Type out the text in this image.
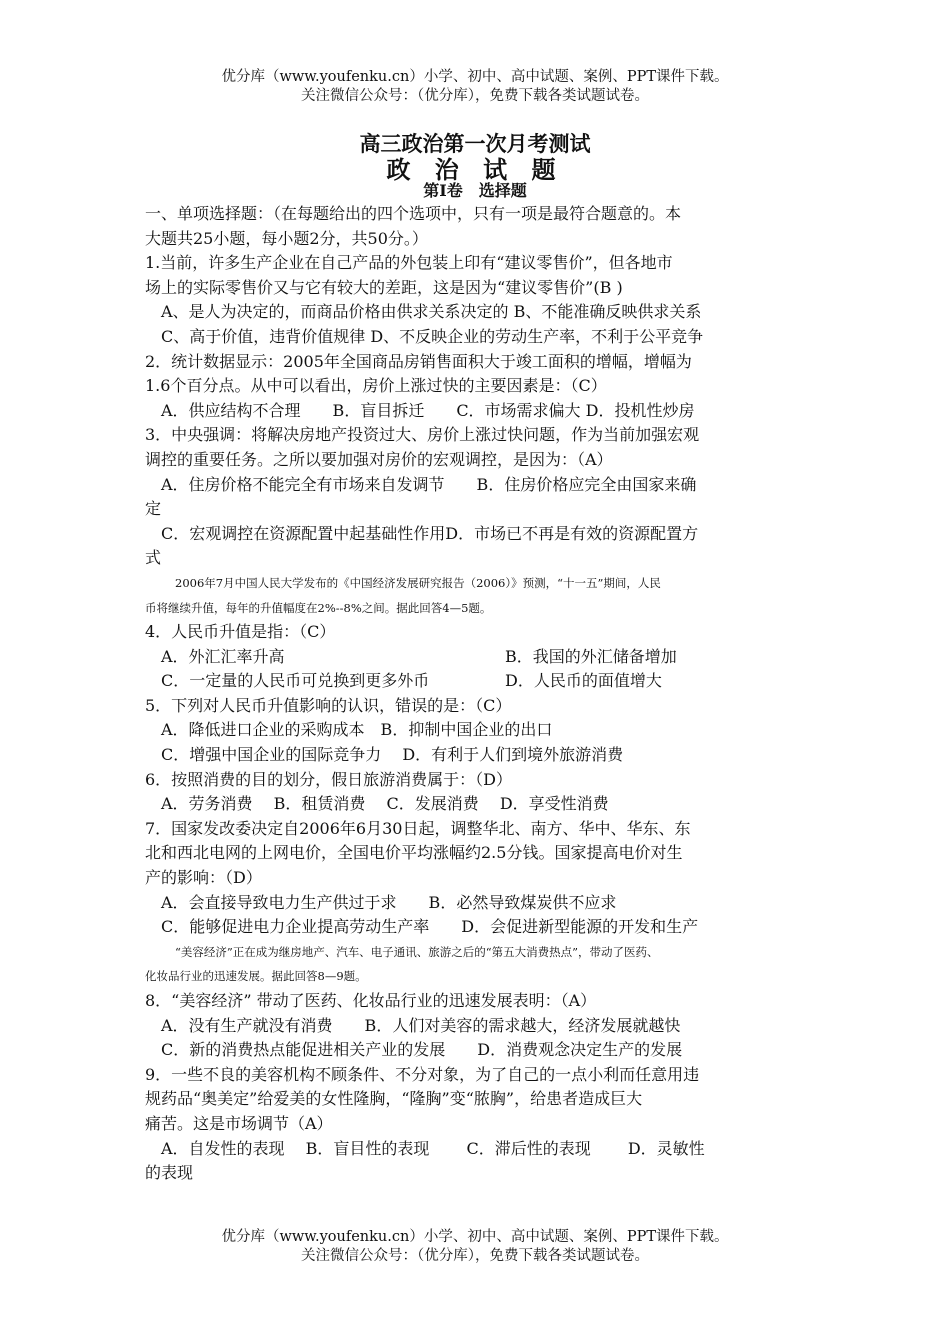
优分库（www.youfenku.cn）小学、初中、高中试题、案例、PPT课件下载。
关注微信公众号：（优分库），免费下载各类试题试卷。
高三政治第一次月考测试
政 治 试 题
第Ⅰ卷　选择题
一、单项选择题：（在每题给出的四个选项中，只有一项是最符合题意的。本
大题共25小题，每小题2分，共50分。）
1.当前，许多生产企业在自己产品的外包装上印有“建议零售价”，但各地市
场上的实际零售价又与它有较大的差距，这是因为“建议零售价”(B )
A、是人为决定的，而商品价格由供求关系决定的 B、不能准确反映供求关系
C、高于价值，违背价值规律 D、不反映企业的劳动生产率，不利于公平竞争
2．统计数据显示：2005年全国商品房销售面积大于竣工面积的增幅，增幅为
1.6个百分点。从中可以看出，房价上涨过快的主要因素是：（C）
A．供应结构不合理　　B．盲目拆迁　　C．市场需求偏大 D．投机性炒房
3．中央强调：将解决房地产投资过大、房价上涨过快问题，作为当前加强宏观
调控的重要任务。之所以要加强对房价的宏观调控，是因为：（A）
A．住房价格不能完全有市场来自发调节　　B．住房价格应完全由国家来确
定
C．宏观调控在资源配置中起基础性作用D．市场已不再是有效的资源配置方
式
2006年7月中国人民大学发布的《中国经济发展研究报告（2006）》预测，“十一五”期间，人民
币将继续升值，每年的升值幅度在2%--8%之间。据此回答4—5题。
4．人民币升值是指：（C）
A．外汇汇率升高	B．我国的外汇储备增加
C．一定量的人民币可兑换到更多外币	D．人民币的面值增大
5．下列对人民币升值影响的认识，错误的是：（C）
A．降低进口企业的采购成本　B．抑制中国企业的出口
C．增强中国企业的国际竞争力　 D．有利于人们到境外旅游消费
6．按照消费的目的划分，假日旅游消费属于：（D）
A．劳务消费　 B．租赁消费　 C．发展消费　 D．享受性消费
7．国家发改委决定自2006年6月30日起，调整华北、南方、华中、华东、东
北和西北电网的上网电价，全国电价平均涨幅约2.5分钱。国家提高电价对生
产的影响：（D）
A．会直接导致电力生产供过于求　　B．必然导致煤炭供不应求
C．能够促进电力企业提高劳动生产率　　D．会促进新型能源的开发和生产
“美容经济”正在成为继房地产、汽车、电子通讯、旅游之后的“第五大消费热点”，带动了医药、
化妆品行业的迅速发展。据此回答8—9题。
8．“美容经济” 带动了医药、化妆品行业的迅速发展表明：（A）
A．没有生产就没有消费　　B．人们对美容的需求越大，经济发展就越快
C．新的消费热点能促进相关产业的发展　　D．消费观念决定生产的发展
9．一些不良的美容机构不顾条件、不分对象，为了自己的一点小利而任意用违
规药品“奥美定”给爱美的女性隆胸，“隆胸”变“脓胸”，给患者造成巨大
痛苦。这是市场调节（A）
A．自发性的表现　 B．盲目性的表现　　 C．滞后性的表现　　 D．灵敏性
的表现
优分库（www.youfenku.cn）小学、初中、高中试题、案例、PPT课件下载。
关注微信公众号：（优分库），免费下载各类试题试卷。
